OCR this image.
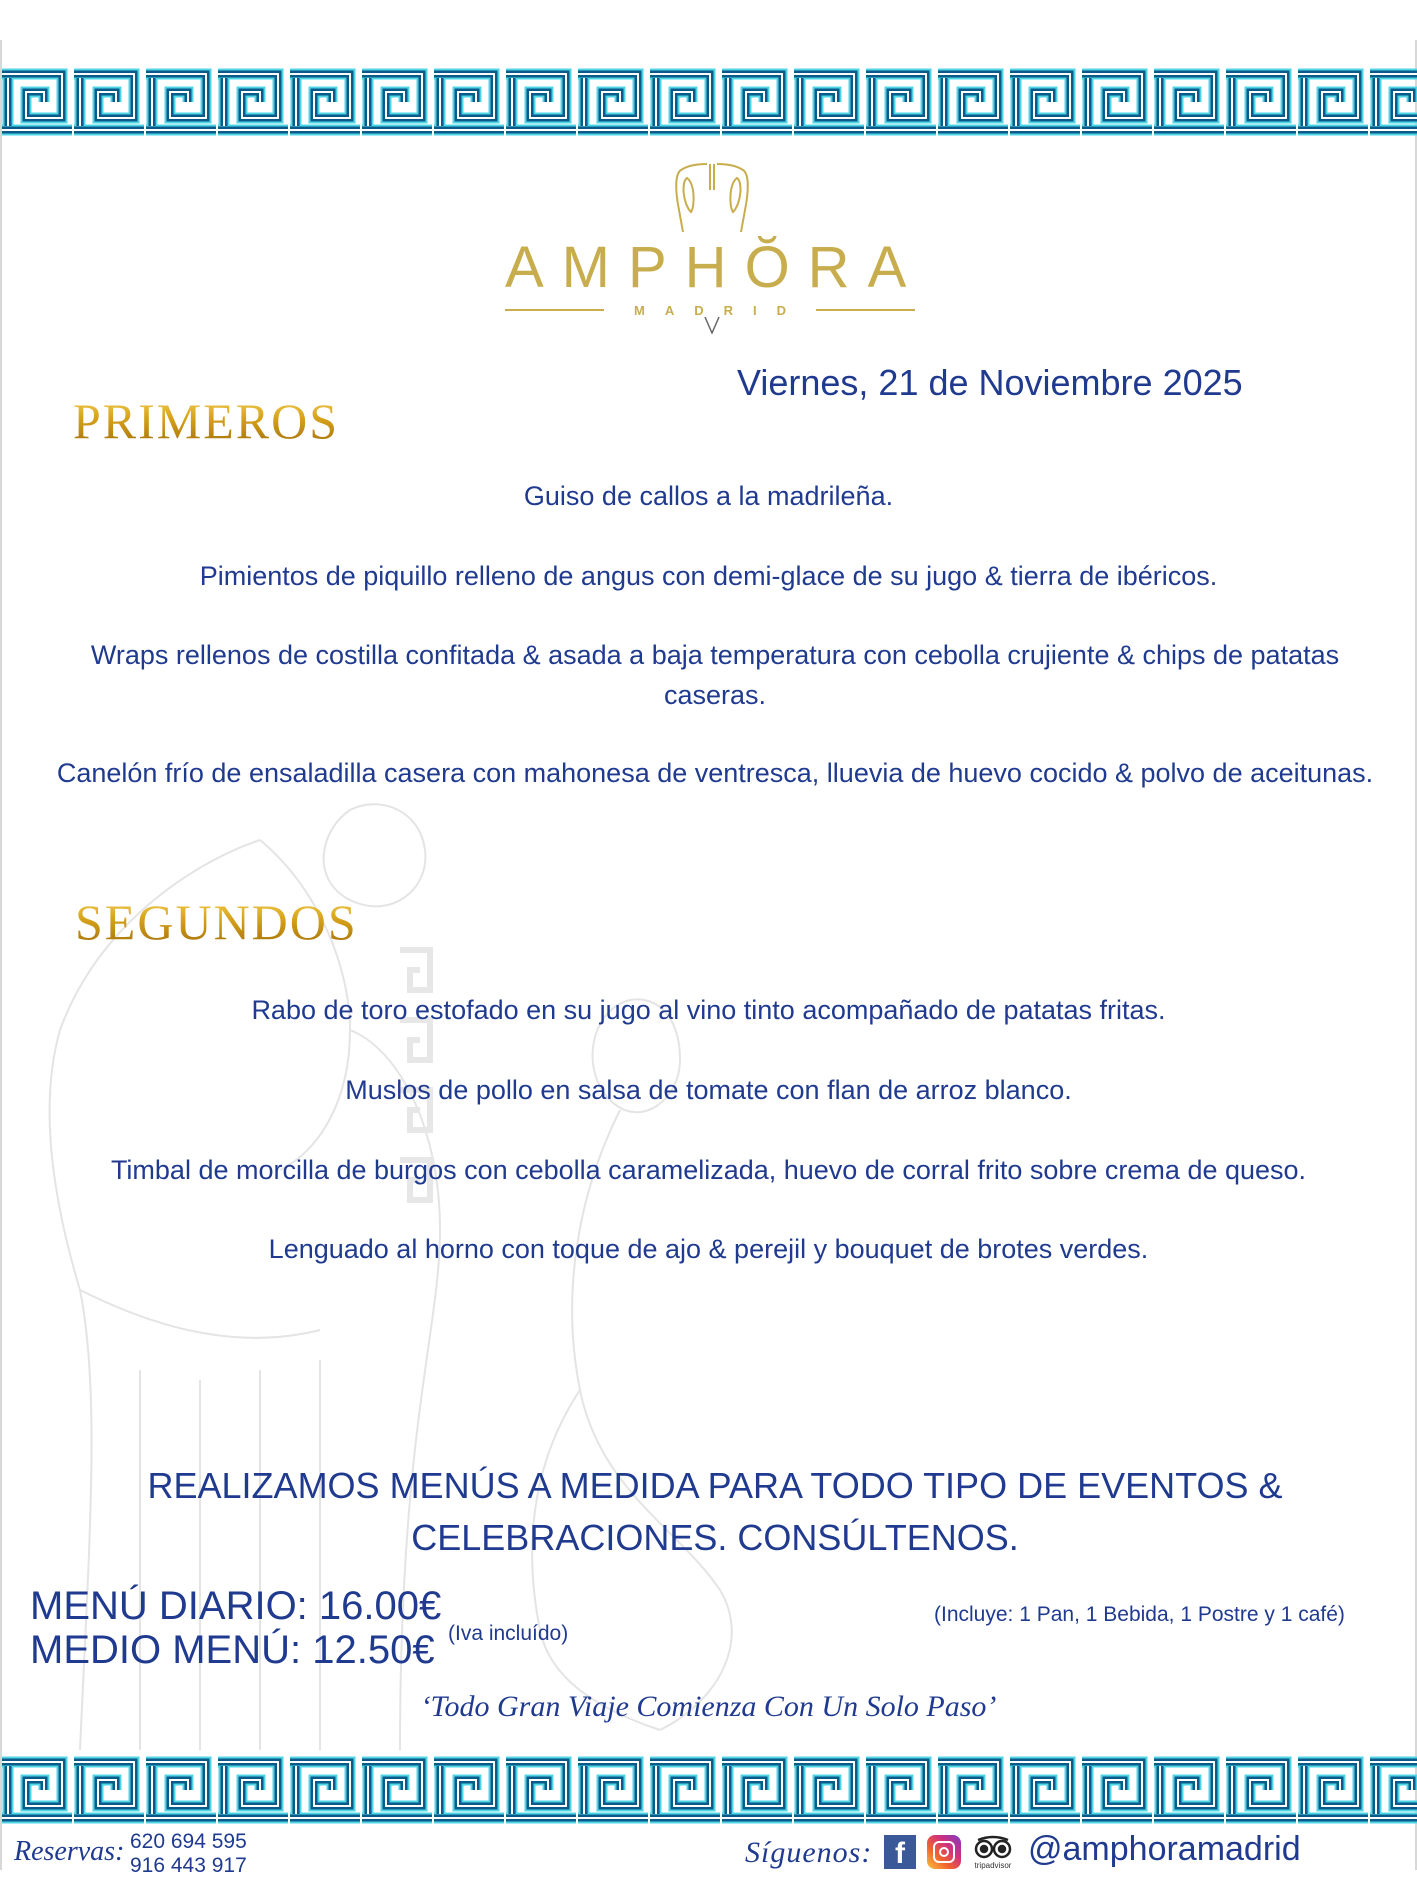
AMPHŎRA
MADRID
Viernes, 21 de Noviembre 2025
PRIMEROS
Guiso de callos a la madrileña.
Pimientos de piquillo relleno de angus con demi-glace de su jugo & tierra de ibéricos.
Wraps rellenos de costilla confitada & asada a baja temperatura con cebolla crujiente & chips de patatas caseras.
Canelón frío de ensaladilla casera con mahonesa de ventresca, lluevia de huevo cocido & polvo de aceitunas.
SEGUNDOS
Rabo de toro estofado en su jugo al vino tinto acompañado de patatas fritas.
Muslos de pollo en salsa de tomate con flan de arroz blanco.
Timbal de morcilla de burgos con cebolla caramelizada, huevo de corral frito sobre crema de queso.
Lenguado al horno con toque de ajo & perejil y bouquet de brotes verdes.
REALIZAMOS MENÚS A MEDIDA PARA TODO TIPO DE EVENTOS & CELEBRACIONES. CONSÚLTENOS.
MENÚ DIARIO: 16.00€
MEDIO MENÚ: 12.50€ (Iva incluído)
(Incluye: 1 Pan, 1 Bebida, 1 Postre y 1 café)
‘Todo Gran Viaje Comienza Con Un Solo Paso’
Reservas: 620 694 595
916 443 917	Síguenos: f	tripadvisor @amphoramadrid
